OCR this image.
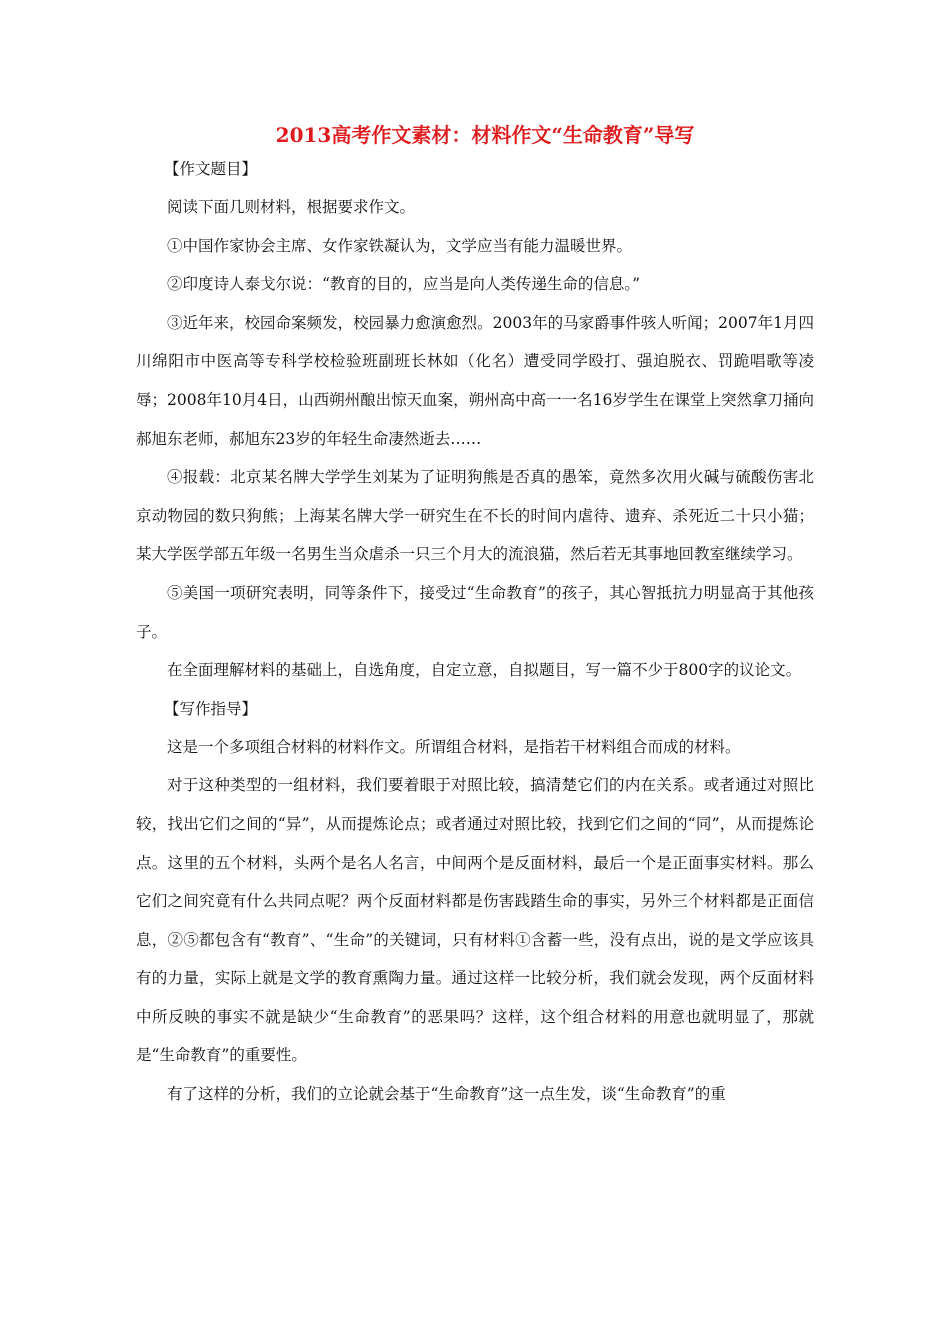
2013高考作文素材：材料作文“生命教育”导写

【作文题目】

阅读下面几则材料，根据要求作文。

①中国作家协会主席、女作家铁凝认为，文学应当有能力温暖世界。

②印度诗人泰戈尔说：“教育的目的，应当是向人类传递生命的信息。”

③近年来，校园命案频发，校园暴力愈演愈烈。2003年的马家爵事件骇人听闻；2007年1月四川绵阳市中医高等专科学校检验班副班长林如（化名）遭受同学殴打、强迫脱衣、罚跪唱歌等凌辱；2008年10月4日，山西朔州酿出惊天血案，朔州高中高一一名16岁学生在课堂上突然拿刀捅向郝旭东老师，郝旭东23岁的年轻生命凄然逝去……

④报载：北京某名牌大学学生刘某为了证明狗熊是否真的愚笨，竟然多次用火碱与硫酸伤害北京动物园的数只狗熊；上海某名牌大学一研究生在不长的时间内虐待、遗弃、杀死近二十只小猫；某大学医学部五年级一名男生当众虐杀一只三个月大的流浪猫，然后若无其事地回教室继续学习。

⑤美国一项研究表明，同等条件下，接受过“生命教育”的孩子，其心智抵抗力明显高于其他孩子。

在全面理解材料的基础上，自选角度，自定立意，自拟题目，写一篇不少于800字的议论文。

【写作指导】

这是一个多项组合材料的材料作文。所谓组合材料，是指若干材料组合而成的材料。

对于这种类型的一组材料，我们要着眼于对照比较，搞清楚它们的内在关系。或者通过对照比较，找出它们之间的“异”，从而提炼论点；或者通过对照比较，找到它们之间的“同”，从而提炼论点。这里的五个材料，头两个是名人名言，中间两个是反面材料，最后一个是正面事实材料。那么它们之间究竟有什么共同点呢？两个反面材料都是伤害践踏生命的事实，另外三个材料都是正面信息，②⑤都包含有“教育”、“生命”的关键词，只有材料①含蓄一些，没有点出，说的是文学应该具有的力量，实际上就是文学的教育熏陶力量。通过这样一比较分析，我们就会发现，两个反面材料中所反映的事实不就是缺少“生命教育”的恶果吗？这样，这个组合材料的用意也就明显了，那就是“生命教育”的重要性。

有了这样的分析，我们的立论就会基于“生命教育”这一点生发，谈“生命教育”的重
